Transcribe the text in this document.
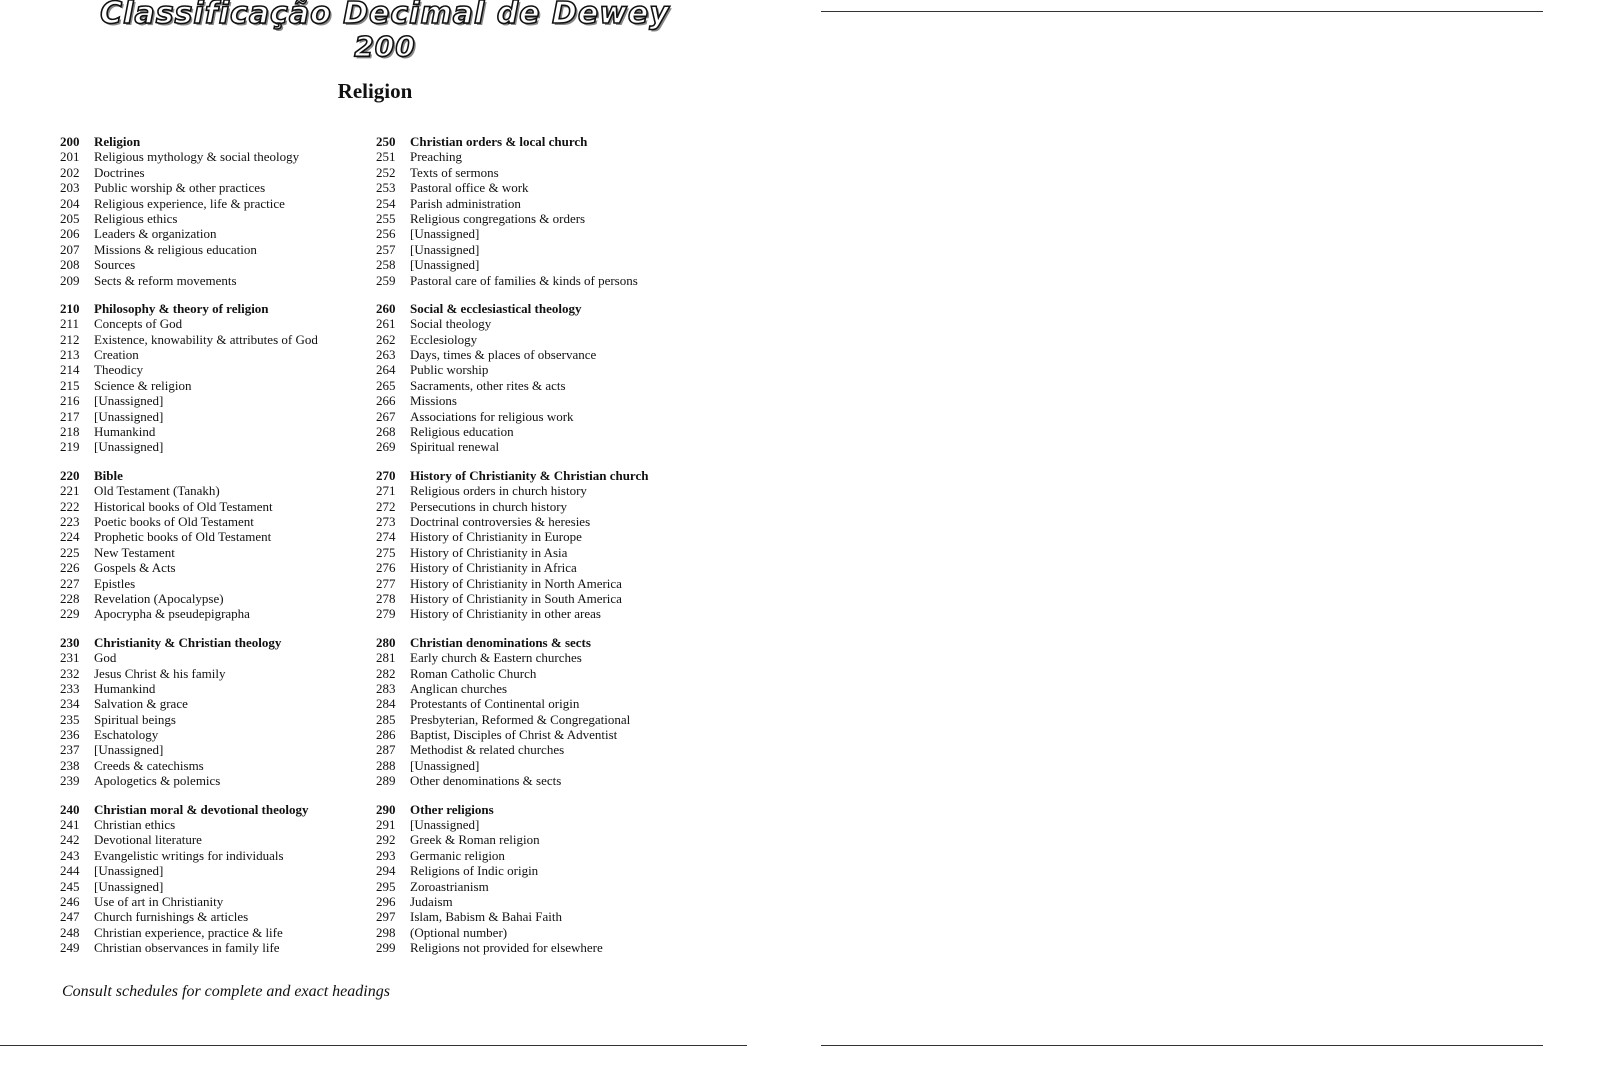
Classificação Decimal de Dewey
200
Religion
200 Religion
201 Religious mythology & social theology
202 Doctrines
203 Public worship & other practices
204 Religious experience, life & practice
205 Religious ethics
206 Leaders & organization
207 Missions & religious education
208 Sources
209 Sects & reform movements
210 Philosophy & theory of religion
211 Concepts of God
212 Existence, knowability & attributes of God
213 Creation
214 Theodicy
215 Science & religion
216 [Unassigned]
217 [Unassigned]
218 Humankind
219 [Unassigned]
220 Bible
221 Old Testament (Tanakh)
222 Historical books of Old Testament
223 Poetic books of Old Testament
224 Prophetic books of Old Testament
225 New Testament
226 Gospels & Acts
227 Epistles
228 Revelation (Apocalypse)
229 Apocrypha & pseudepigrapha
230 Christianity & Christian theology
231 God
232 Jesus Christ & his family
233 Humankind
234 Salvation & grace
235 Spiritual beings
236 Eschatology
237 [Unassigned]
238 Creeds & catechisms
239 Apologetics & polemics
240 Christian moral & devotional theology
241 Christian ethics
242 Devotional literature
243 Evangelistic writings for individuals
244 [Unassigned]
245 [Unassigned]
246 Use of art in Christianity
247 Church furnishings & articles
248 Christian experience, practice & life
249 Christian observances in family life
250 Christian orders & local church
251 Preaching
252 Texts of sermons
253 Pastoral office & work
254 Parish administration
255 Religious congregations & orders
256 [Unassigned]
257 [Unassigned]
258 [Unassigned]
259 Pastoral care of families & kinds of persons
260 Social & ecclesiastical theology
261 Social theology
262 Ecclesiology
263 Days, times & places of observance
264 Public worship
265 Sacraments, other rites & acts
266 Missions
267 Associations for religious work
268 Religious education
269 Spiritual renewal
270 History of Christianity & Christian church
271 Religious orders in church history
272 Persecutions in church history
273 Doctrinal controversies & heresies
274 History of Christianity in Europe
275 History of Christianity in Asia
276 History of Christianity in Africa
277 History of Christianity in North America
278 History of Christianity in South America
279 History of Christianity in other areas
280 Christian denominations & sects
281 Early church & Eastern churches
282 Roman Catholic Church
283 Anglican churches
284 Protestants of Continental origin
285 Presbyterian, Reformed & Congregational
286 Baptist, Disciples of Christ & Adventist
287 Methodist & related churches
288 [Unassigned]
289 Other denominations & sects
290 Other religions
291 [Unassigned]
292 Greek & Roman religion
293 Germanic religion
294 Religions of Indic origin
295 Zoroastrianism
296 Judaism
297 Islam, Babism & Bahai Faith
298 (Optional number)
299 Religions not provided for elsewhere
Consult schedules for complete and exact headings
